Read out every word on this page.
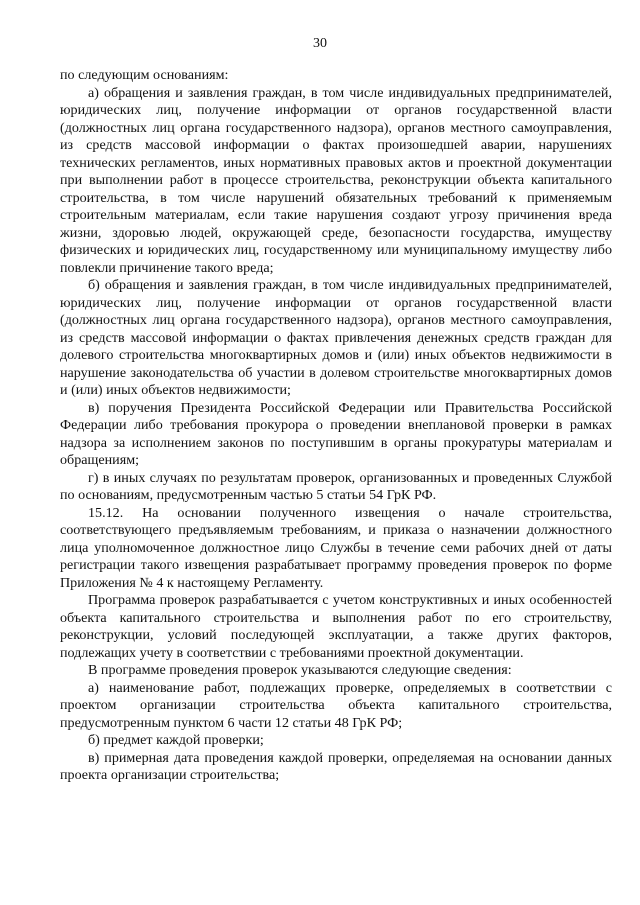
30

по следующим основаниям:

а) обращения и заявления граждан, в том числе индивидуальных предпринимателей, юридических лиц, получение информации от органов государственной власти (должностных лиц органа государственного надзора), органов местного самоуправления, из средств массовой информации о фактах произошедшей аварии, нарушениях технических регламентов, иных нормативных правовых актов и проектной документации при выполнении работ в процессе строительства, реконструкции объекта капитального строительства, в том числе нарушений обязательных требований к применяемым строительным материалам, если такие нарушения создают угрозу причинения вреда жизни, здоровью людей, окружающей среде, безопасности государства, имуществу физических и юридических лиц, государственному или муниципальному имуществу либо повлекли причинение такого вреда;

б) обращения и заявления граждан, в том числе индивидуальных предпринимателей, юридических лиц, получение информации от органов государственной власти (должностных лиц органа государственного надзора), органов местного самоуправления, из средств массовой информации о фактах привлечения денежных средств граждан для долевого строительства многоквартирных домов и (или) иных объектов недвижимости в нарушение законодательства об участии в долевом строительстве многоквартирных домов и (или) иных объектов недвижимости;

в) поручения Президента Российской Федерации или Правительства Российской Федерации либо требования прокурора о проведении внеплановой проверки в рамках надзора за исполнением законов по поступившим в органы прокуратуры материалам и обращениям;

г) в иных случаях по результатам проверок, организованных и проведенных Службой по основаниям, предусмотренным частью 5 статьи 54 ГрК РФ.

15.12. На основании полученного извещения о начале строительства, соответствующего предъявляемым требованиям, и приказа о назначении должностного лица уполномоченное должностное лицо Службы в течение семи рабочих дней от даты регистрации такого извещения разрабатывает программу проведения проверок по форме Приложения № 4 к настоящему Регламенту.

Программа проверок разрабатывается с учетом конструктивных и иных особенностей объекта капитального строительства и выполнения работ по его строительству, реконструкции, условий последующей эксплуатации, а также других факторов, подлежащих учету в соответствии с требованиями проектной документации.

В программе проведения проверок указываются следующие сведения:

а) наименование работ, подлежащих проверке, определяемых в соответствии с проектом организации строительства объекта капитального строительства, предусмотренным пунктом 6 части 12 статьи 48 ГрК РФ;

б) предмет каждой проверки;

в) примерная дата проведения каждой проверки, определяемая на основании данных проекта организации строительства;
